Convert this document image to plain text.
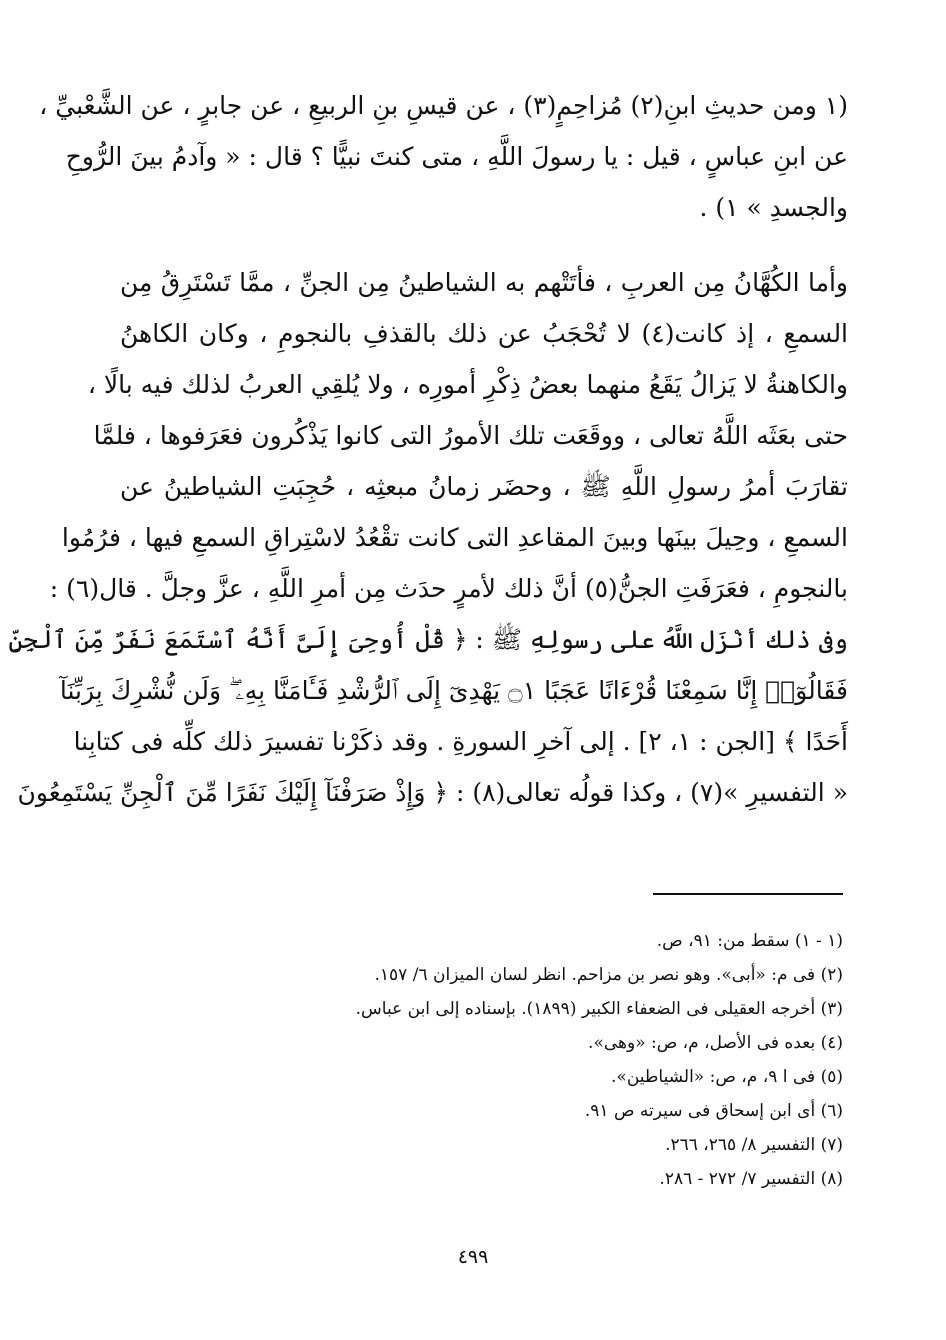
(١ ومن حديثِ ابنِ(٢) مُزاحِمٍ(٣) ، عن قيسِ بنِ الربيعِ ، عن جابرٍ ، عن الشَّعْبيِّ ،
عن ابنِ عباسٍ ، قيل : يا رسولَ اللَّهِ ، متى كنتَ نبيًّا ؟ قال : « وآدمُ بينَ الرُّوحِ
والجسدِ » ١) .
وأما الكُهَّانُ مِن العربِ ، فأتَتْهم به الشياطينُ مِن الجنِّ ، ممَّا تَسْتَرِقُ مِن
السمعِ ، إذ كانت(٤) لا تُحْجَبُ عن ذلك بالقذفِ بالنجومِ ، وكان الكاهنُ
والكاهنةُ لا يَزالُ يَقَعُ منهما بعضُ ذِكْرِ أمورِه ، ولا يُلقِي العربُ لذلك فيه بالًا ،
حتى بعَثَه اللَّهُ تعالى ، ووقَعَت تلك الأمورُ التى كانوا يَذْكُرون فعَرَفوها ، فلمَّا
تقارَبَ أمرُ رسولِ اللَّهِ ﷺ ، وحضَر زمانُ مبعثِه ، حُجِبَتِ الشياطينُ عن
السمعِ ، وحِيلَ بينَها وبينَ المقاعدِ التى كانت تقْعُدُ لاسْتِراقِ السمعِ فيها ، فرُمُوا
بالنجومِ ، فعَرَفَتِ الجنُّ(٥) أنَّ ذلك لأمرٍ حدَث مِن أمرِ اللَّهِ ، عزَّ وجلَّ . قال(٦) :
وفى ذلك أنْزَل اللَّهُ على رسولِهِ ﷺ : ﴿ قُلْ أُوحِىَ إِلَىَّ أَنَّهُ ٱسْتَمَعَ نَفَرٌ مِّنَ ٱلْجِنِّ
فَقَالُوٓا۟ إِنَّا سَمِعْنَا قُرْءَانًا عَجَبًا ۝١ يَهْدِىٓ إِلَى ٱلرُّشْدِ فَـَٔامَنَّا بِهِۦ ۖ وَلَن نُّشْرِكَ بِرَبِّنَآ
أَحَدًا ﴾ [الجن : ١، ٢] . إلى آخرِ السورةِ . وقد ذكَرْنا تفسيرَ ذلك كلِّه فى كتابِنا
« التفسيرِ »(٧) ، وكذا قولُه تعالى(٨) : ﴿ وَإِذْ صَرَفْنَآ إِلَيْكَ نَفَرًا مِّنَ ٱلْجِنِّ يَسْتَمِعُونَ
(١ - ١) سقط من: ٩١، ص.
(٢) فى م: «أبى». وهو نصر بن مزاحم. انظر لسان الميزان ٦/ ١٥٧.
(٣) أخرجه العقيلى فى الضعفاء الكبير (١٨٩٩). بإسناده إلى ابن عباس.
(٤) بعده فى الأصل، م، ص: «وهى».
(٥) فى ا ٩، م، ص: «الشياطين».
(٦) أى ابن إسحاق فى سيرته ص ٩١.
(٧) التفسير ٨/ ٢٦٥، ٢٦٦.
(٨) التفسير ٧/ ٢٧٢ - ٢٨٦.
٤٩٩
